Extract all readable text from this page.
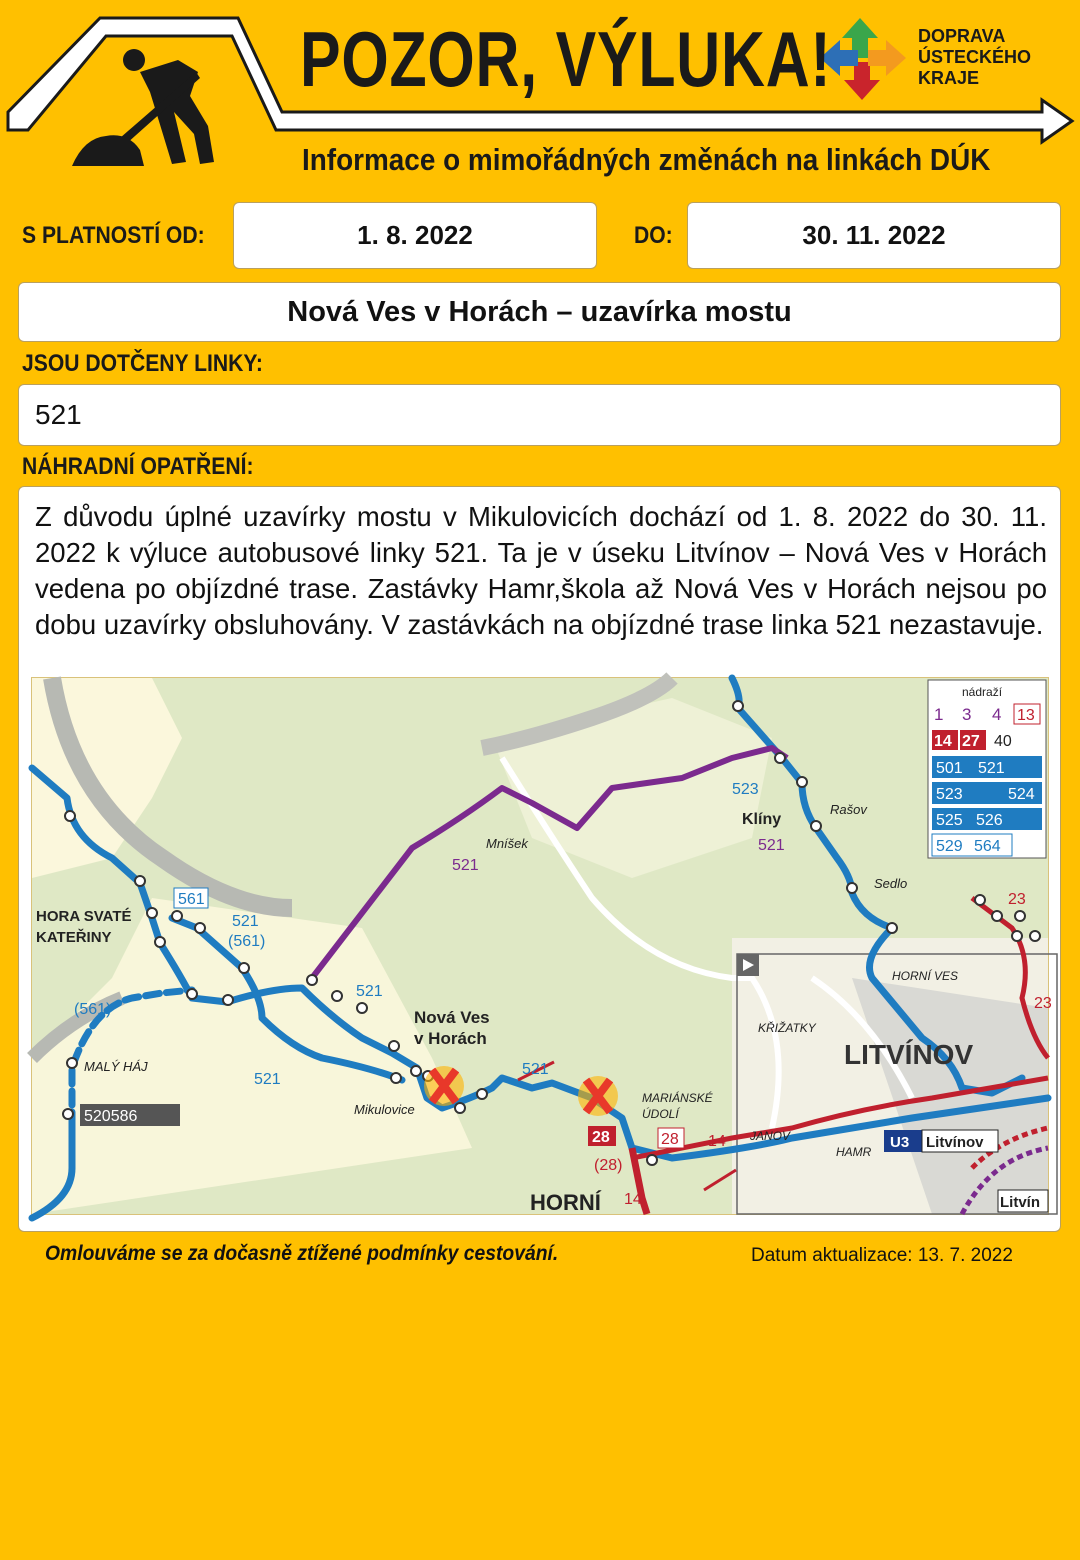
POZOR, VÝLUKA!
Informace o mimořádných změnách na linkách DÚK
DOPRAVA
ÚSTECKÉHO
KRAJE
S PLATNOSTÍ OD:	1. 8. 2022	DO:	30. 11. 2022
Nová Ves v Horách – uzavírka mostu
JSOU DOTČENY LINKY:
521
NÁHRADNÍ OPATŘENÍ:
Z důvodu úplné uzavírky mostu v Mikulovicích dochází od 1. 8. 2022 do 30. 11. 2022 k výluce autobusové linky 521. Ta je v úseku Litvínov – Nová Ves v Horách vedena po objízdné trase. Zastávky Hamr,škola až Nová Ves v Horách nejsou po dobu uzavírky obsluhovány. V zastávkách na objízdné trase linka 521 nezastavuje.
HORA SVATÉ
KATEŘINY
MALÝ HÁJ
Mníšek
Klíny
Rašov
Sedlo
HORNÍ VES
KŘIŽATKY
LITVÍNOV
Nová Ves
v Horách
Mikulovice
MARIÁNSKÉ
ÚDOLÍ
JANOV
HAMR
HORNÍ
521
(561)
561
(561)
523
521
521
521
521
520586
28
(28)
28 14
14
521
23
23
U3 Litvínov
Litvín
nádraží
1 3 4 13
14 27 40
501 521
523	524
525 526
529 564
Omlouváme se za dočasně ztížené podmínky cestování.	Datum aktualizace: 13. 7. 2022
